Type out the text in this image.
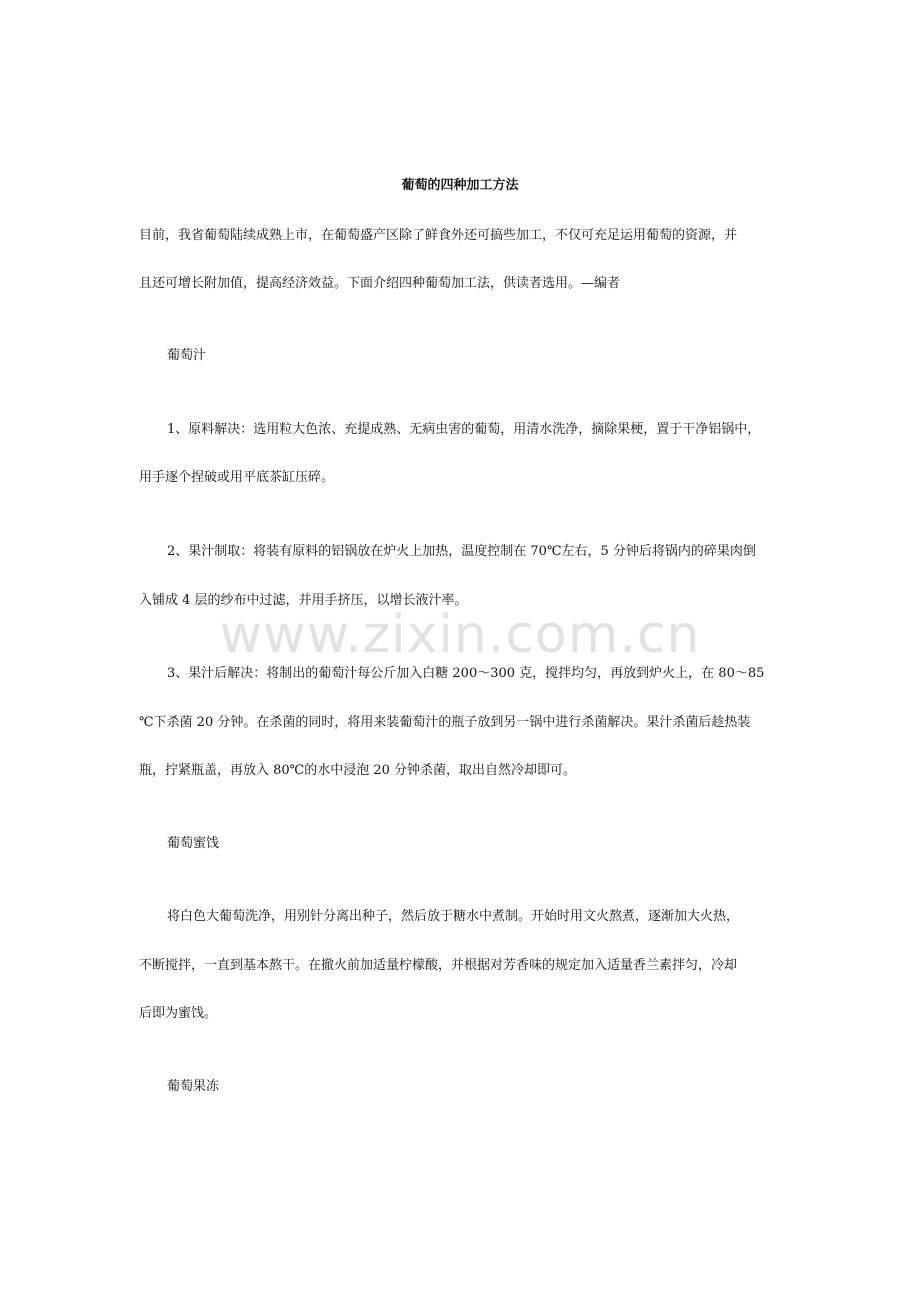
葡萄的四种加工方法
目前，我省葡萄陆续成熟上市，在葡萄盛产区除了鲜食外还可搞些加工，不仅可充足运用葡萄的资源，并
且还可增长附加值，提高经济效益。下面介绍四种葡萄加工法，供读者选用。—编者
葡萄汁
1、原料解决：选用粒大色浓、充提成熟、无病虫害的葡萄，用清水洗净，摘除果梗，置于干净铝锅中，
用手逐个捏破或用平底茶缸压碎。
2、果汁制取：将装有原料的铝锅放在炉火上加热，温度控制在 70℃左右，5 分钟后将锅内的碎果肉倒
入铺成 4 层的纱布中过滤，并用手挤压，以增长液汁率。
3、果汁后解决：将制出的葡萄汁每公斤加入白糖 200～300 克，搅拌均匀，再放到炉火上，在 80～85
℃下杀菌 20 分钟。在杀菌的同时，将用来装葡萄汁的瓶子放到另一锅中进行杀菌解决。果汁杀菌后趁热装
瓶，拧紧瓶盖，再放入 80℃的水中浸泡 20 分钟杀菌，取出自然冷却即可。
葡萄蜜饯
将白色大葡萄洗净，用别针分离出种子，然后放于糖水中煮制。开始时用文火熬煮，逐渐加大火热，
不断搅拌，一直到基本熬干。在撤火前加适量柠檬酸，并根据对芳香味的规定加入适量香兰素拌匀，冷却
后即为蜜饯。
葡萄果冻
www.zixin.com.cn
